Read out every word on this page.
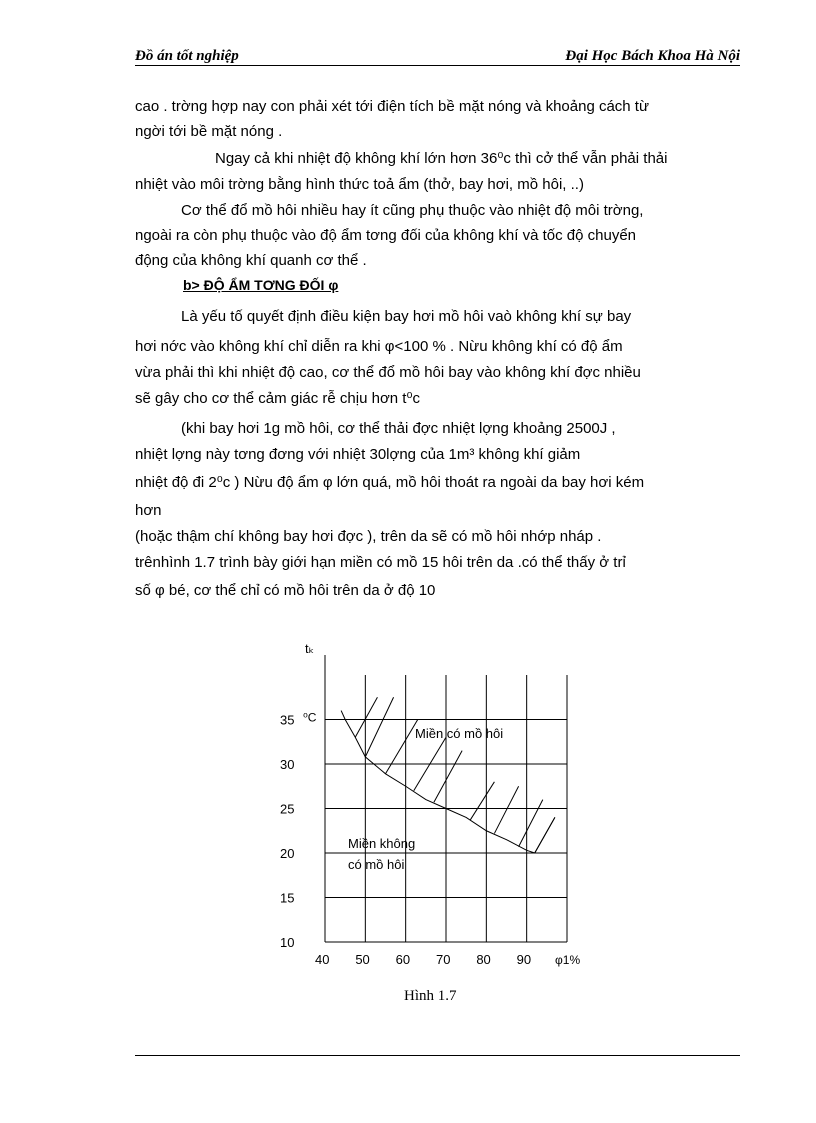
Đồ án tốt nghiệp	Đại Học Bách Khoa Hà Nội
cao . trờng hợp nay con phải xét tới điện tích bề mặt nóng và khoảng cách từ
ngời tới bề mặt nóng .
Ngay cả khi nhiệt độ không khí lớn hơn 36⁰c thì cở thể vẫn phải thải
nhiệt vào môi trờng bằng hình thức toả ẩm (thở, bay hơi, mồ hôi, ..)
Cơ thể đổ mồ hôi nhiều hay ít cũng phụ thuộc vào nhiệt độ môi trờng,
ngoài ra còn phụ thuộc vào độ ẩm tơng đối của không khí và tốc độ chuyển
động của không khí quanh cơ thể .
Là yếu tố quyết định điều kiện bay hơi mồ hôi vaò không khí sự bay
hơi nớc vào không khí chỉ diễn ra khi φ<100 % . Nừu không khí có độ ẩm
vừa phải thì khi nhiệt độ cao, cơ thể đổ mồ hôi bay vào không khí đợc nhiều
sẽ gây cho cơ thể cảm giác rễ chịu hơn t⁰c
(khi bay hơi 1g mồ hôi, cơ thể thải đợc nhiệt lợng khoảng 2500J ,
nhiệt lợng này tơng đơng với nhiệt 30lợng của 1m³ không khí giảm
nhiệt độ đi 2⁰c ) Nừu độ ẩm φ lớn quá, mồ hôi thoát ra ngoài da bay hơi kém
hơn
(hoặc thậm chí không bay hơi đợc ), trên da sẽ có mồ hôi nhớp nháp .
trênhình 1.7 trình bày giới hạn miền có mồ 15 hôi trên da .có thể thấy ở trỉ
số φ bé, cơ thể chỉ có mồ hôi trên da ở độ 10
b> ĐỘ ẨM TƠNG ĐỐI φ
tₖ
10
15
20
25
30
35 ⁰C
40 50 60 70 80 90 φ1%
Miền có mồ hôi
Miền không
có mồ hôi
Hình 1.7
